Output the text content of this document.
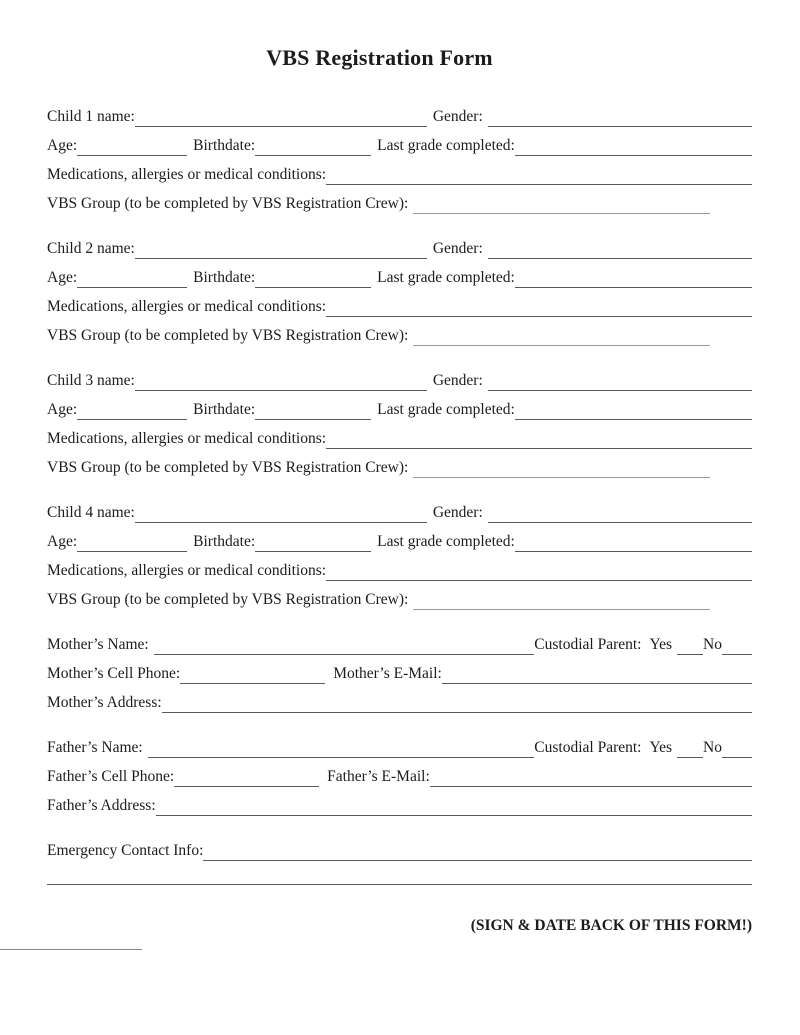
VBS Registration Form
Child 1 name:	Gender:
Age:	Birthdate:	Last grade completed:
Medications, allergies or medical conditions:
VBS Group (to be completed by VBS Registration Crew):
Child 2 name:	Gender:
Age:	Birthdate:	Last grade completed:
Medications, allergies or medical conditions:
VBS Group (to be completed by VBS Registration Crew):
Child 3 name:	Gender:
Age:	Birthdate:	Last grade completed:
Medications, allergies or medical conditions:
VBS Group (to be completed by VBS Registration Crew):
Child 4 name:	Gender:
Age:	Birthdate:	Last grade completed:
Medications, allergies or medical conditions:
VBS Group (to be completed by VBS Registration Crew):
Mother’s Name:	Custodial Parent: Yes No
Mother’s Cell Phone:	Mother’s E-Mail:
Mother’s Address:
Father’s Name:	Custodial Parent: Yes No
Father’s Cell Phone:	Father’s E-Mail:
Father’s Address:
Emergency Contact Info:
(SIGN & DATE BACK OF THIS FORM!)
